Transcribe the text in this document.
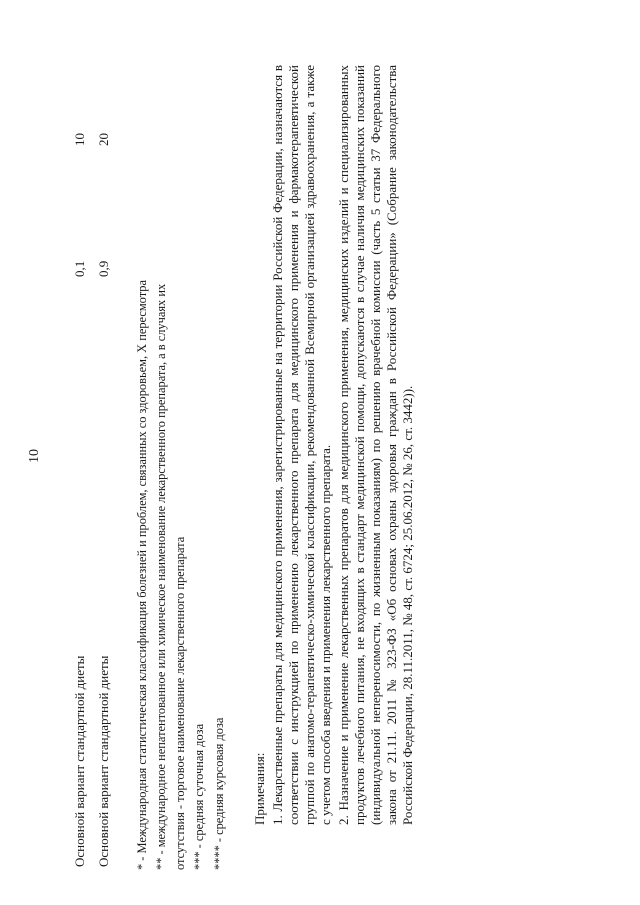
10
Основной вариант стандартной диеты
0,1
10
Основной вариант стандартной диеты
0,9
20
* - Международная статистическая классификация болезней и проблем, связанных со здоровьем, X пересмотра ** - международное непатентованное или химическое наименование лекарственного препарата, а в случаях их отсутствия - торговое наименование лекарственного препарата *** - средняя суточная доза **** - средняя курсовая доза Примечания: 1. Лекарственные препараты для медицинского применения, зарегистрированные на территории Российской Федерации, назначаются в соответствии с инструкцией по применению лекарственного препарата для медицинского применения и фармакотерапевтической группой по анатомо-терапевтическо-химической классификации, рекомендованной Всемирной организацией здравоохранения, а также с учетом способа введения и применения лекарственного препарата. 2. Назначение и применение лекарственных препаратов для медицинского применения, медицинских изделий и специализированных продуктов лечебного питания, не входящих в стандарт медицинской помощи, допускаются в случае наличия медицинских показаний (индивидуальной непереносимости, по жизненным показаниям) по решению врачебной комиссии (часть 5 статьи 37 Федерального закона от 21.11. 2011 № 323-ФЗ «Об основах охраны здоровья граждан в Российской Федерации» (Собрание законодательства Российской Федерации, 28.11.2011, № 48, ст. 6724; 25.06.2012, № 26, ст. 3442)).
